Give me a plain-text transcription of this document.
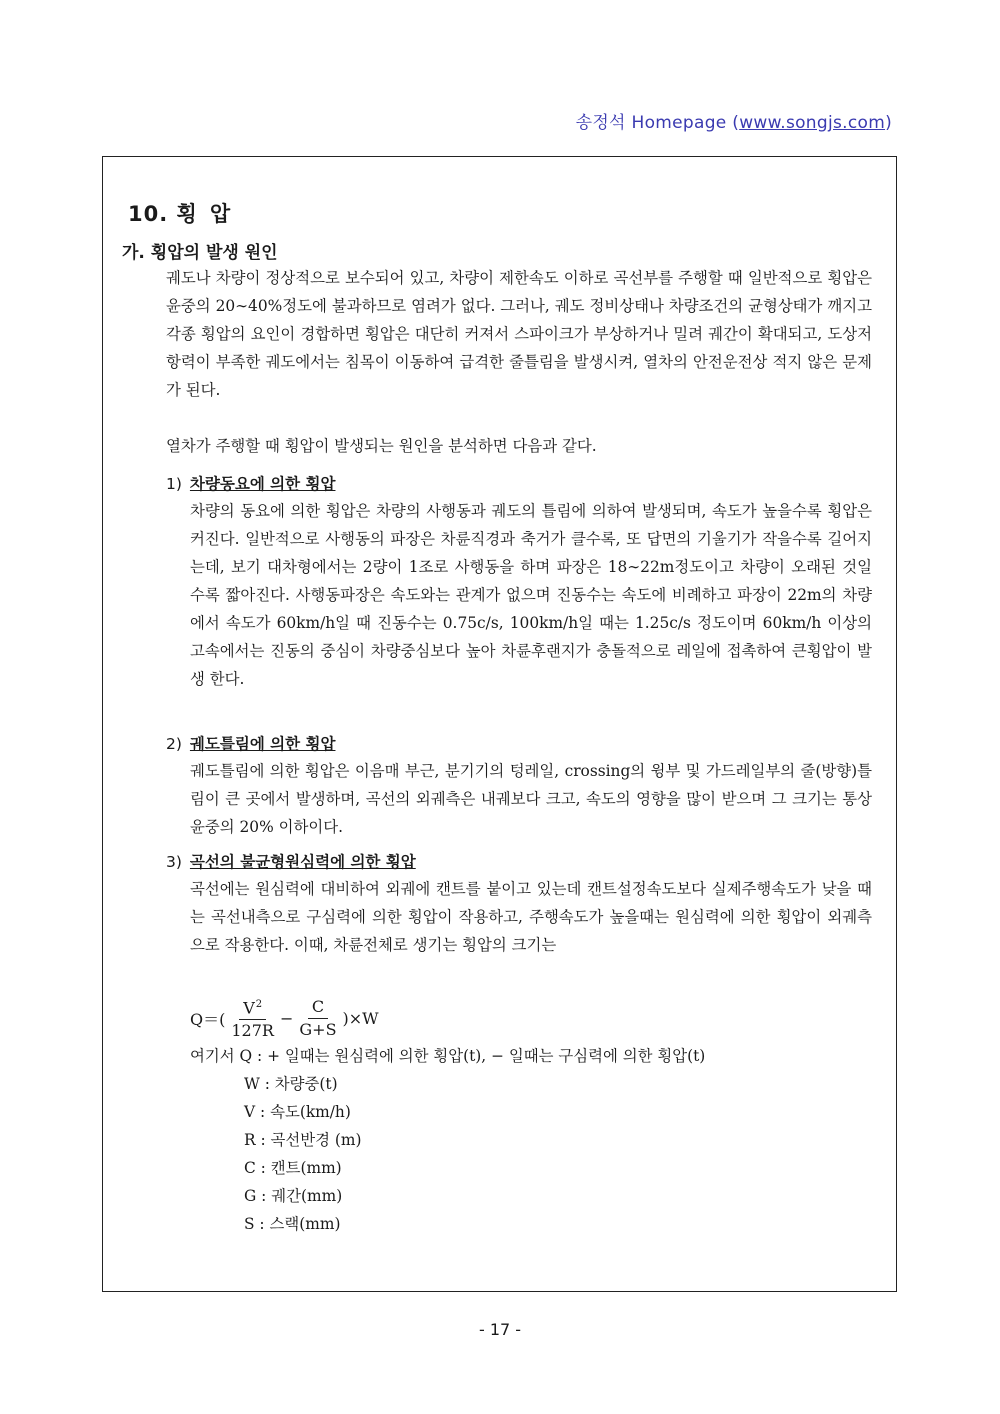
송정석 Homepage (www.songjs.com)
10. 횡 압
가. 횡압의 발생 원인
궤도나 차량이 정상적으로 보수되어 있고, 차량이 제한속도 이하로 곡선부를 주행할 때 일반적으로 횡압은 윤중의 20∼40%정도에 불과하므로 염려가 없다. 그러나, 궤도 정비상태나 차량조건의 균형상태가 깨지고 각종 횡압의 요인이 경합하면 횡압은 대단히 커져서 스파이크가 부상하거나 밀려 궤간이 확대되고, 도상저항력이 부족한 궤도에서는 침목이 이동하여 급격한 줄틀림을 발생시켜, 열차의 안전운전상 적지 않은 문제가 된다.
열차가 주행할 때 횡압이 발생되는 원인을 분석하면 다음과 같다.
1) 차량동요에 의한 횡압
차량의 동요에 의한 횡압은 차량의 사행동과 궤도의 틀림에 의하여 발생되며, 속도가 높을수록 횡압은 커진다. 일반적으로 사행동의 파장은 차륜직경과 축거가 클수록, 또 답면의 기울기가 작을수록 길어지는데, 보기 대차형에서는 2량이 1조로 사행동을 하며 파장은 18∼22m정도이고 차량이 오래된 것일 수록 짧아진다. 사행동파장은 속도와는 관계가 없으며 진동수는 속도에 비례하고 파장이 22m의 차량에서 속도가 60km/h일 때 진동수는 0.75c/s, 100km/h일 때는 1.25c/s 정도이며 60km/h 이상의 고속에서는 진동의 중심이 차량중심보다 높아 차륜후랜지가 충돌적으로 레일에 접촉하여 큰횡압이 발생 한다.
2) 궤도틀림에 의한 횡압
궤도틀림에 의한 횡압은 이음매 부근, 분기기의 텅레일, crossing의 윙부 및 가드레일부의 줄(방향)틀림이 큰 곳에서 발생하며, 곡선의 외궤측은 내궤보다 크고, 속도의 영향을 많이 받으며 그 크기는 통상 윤중의 20% 이하이다.
3) 곡선의 불균형원심력에 의한 횡압
곡선에는 원심력에 대비하여 외궤에 캔트를 붙이고 있는데 캔트설정속도보다 실제주행속도가 낮을 때는 곡선내측으로 구심력에 의한 횡압이 작용하고, 주행속도가 높을때는 원심력에 의한 횡압이 외궤측으로 작용한다. 이때, 차륜전체로 생기는 횡압의 크기는
$Q=( \frac{V^2}{127R} - \frac{C}{G+S} )\times W$
여기서 Q : + 일때는 원심력에 의한 횡압(t), − 일때는 구심력에 의한 횡압(t)
W : 차량중(t)
V : 속도(km/h)
R : 곡선반경 (m)
C : 캔트(mm)
G : 궤간(mm)
S : 스랙(mm)
- 17 -
